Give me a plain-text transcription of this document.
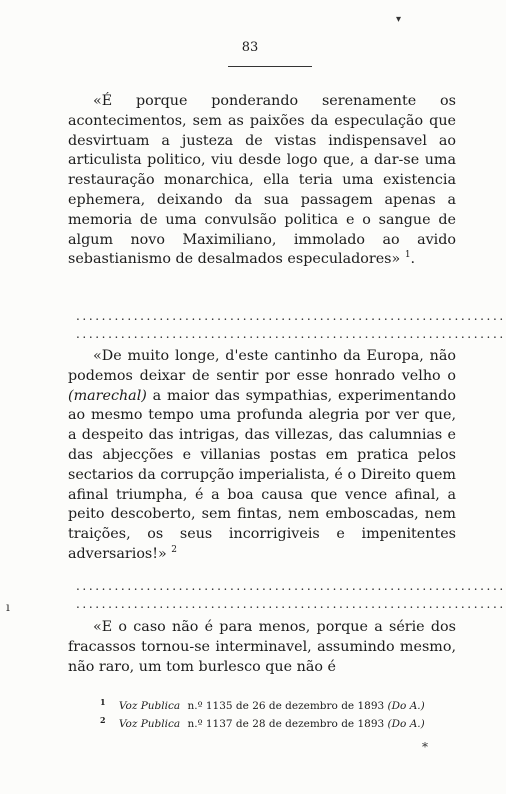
83
▾
ı

«É porque ponderando serenamente os acontecimentos, sem as paixões da especulação que desvirtuam a justeza de vistas indispensavel ao articulista politico, viu desde logo que, a dar-se uma restauração monarchica, ella teria uma existencia ephemera, deixando da sua passagem apenas a memoria de uma convulsão politica e o sangue de algum novo Maximiliano, immolado ao avido sebastianismo de desalmados especuladores» $^1$.

...................................................................
...................................................................

«De muito longe, d'este cantinho da Europa, não podemos deixar de sentir por esse honrado velho o (marechal) a maior das sympathias, experimentando ao mesmo tempo uma profunda alegria por ver que, a despeito das intrigas, das villezas, das calumnias e das abjecções e villanias postas em pratica pelos sectarios da corrupção imperialista, é o Direito quem afinal triumpha, é a boa causa que vence afinal, a peito descoberto, sem fintas, nem emboscadas, nem traições, os seus incorrigiveis e impenitentes adversarios!» $^2$

...................................................................
...................................................................

«E o caso não é para menos, porque a série dos fracassos tornou-se interminavel, assumindo mesmo, não raro, um tom burlesco que não é

$^1$ Voz Publica n.º 1135 de 26 de dezembro de 1893 (Do A.)
$^2$ Voz Publica n.º 1137 de 28 de dezembro de 1893 (Do A.)
*
